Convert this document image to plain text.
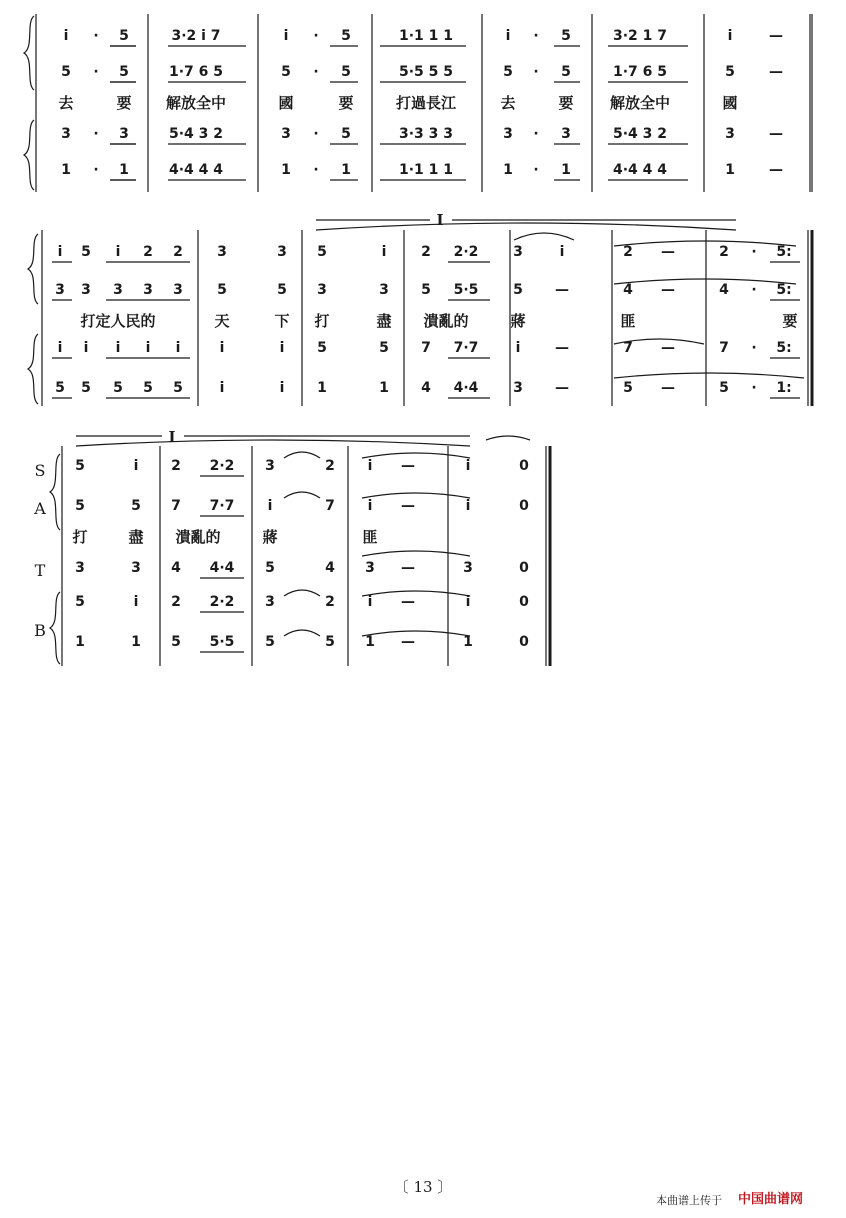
i · 5	3·2 i 7	i · 5	1·1 1 1	i · 5	3·2 1 7	i	—
5 · 5	1·7 6 5	5 · 5	5·5 5 5	5 · 5	1·7 6 5	5 —
3 · 3	5·4 3 2	3 · 5	3·3 3 3	3 · 3	5·4 3 2	3 —
1 · 1	4·4 4 4	1 · 1	1·1 1 1	1 · 1	4·4 4 4	1 —
去	要 解放全中	國	要	打過長江	去	要 解放全中	國
i 5 i 2 2 3	3 5	i 2 2·2 3	i	2 —	2 · 5:
3 3 3 3 3 5	5 3	3 5 5·5 5 —	4 —	4 · 5:
i i i i i	i	i 5	5 7 7·7	i —	7 —	7 · 5:
5 5 5 5 5	i	i 1	1 4 4·4 3 —	5 —	5 · 1:
打定人民的	天	下 打	盡 潰亂的	蔣	匪	要
I
5	i 2 2·2 3	2 i —	i	0
5	5 7 7·7 i	7 i —	i	0
3	3 4 4·4 5	4 3 —	3	0
5	i 2 2·2 3	2 i —	i	0
1	1 5 5·5 5	5 1 —	1	0
打	盡 潰亂的	蔣	匪
S
A
T
B
I
〔 13 〕
本曲谱上传于 中国曲谱网
